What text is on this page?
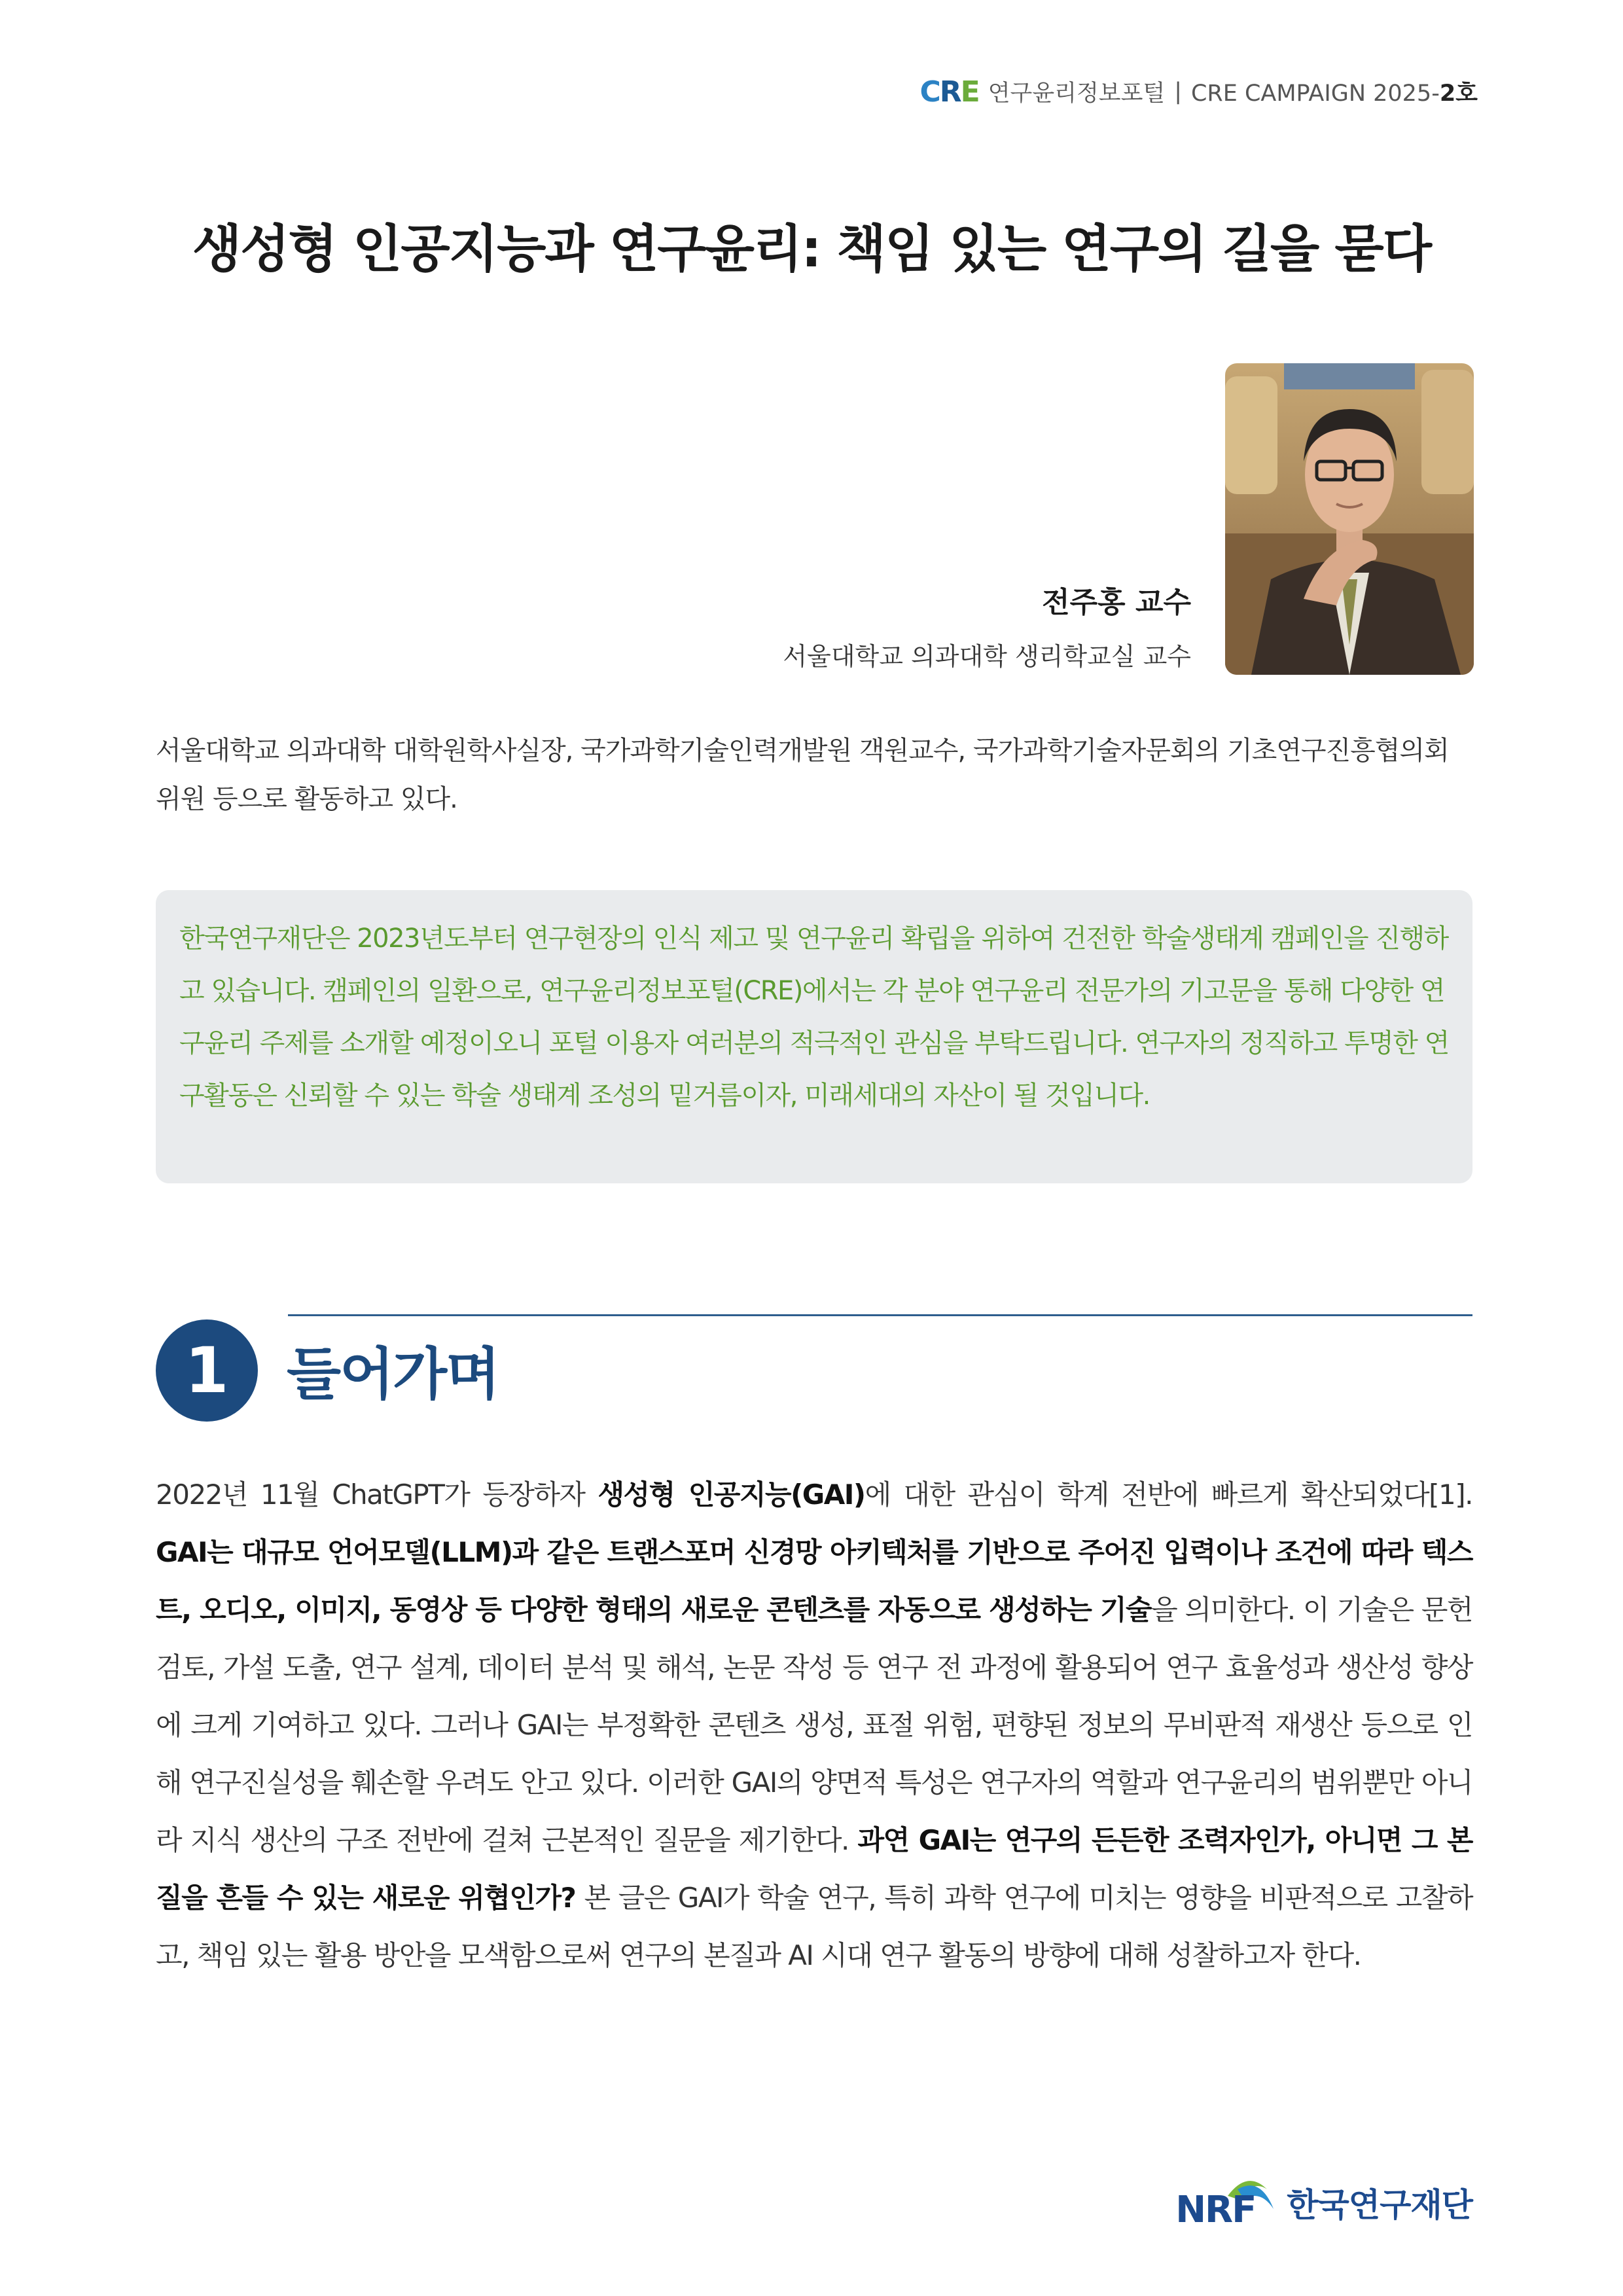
C R E 연구윤리정보포털 | CRE CAMPAIGN 2025-2호
생성형 인공지능과 연구윤리: 책임 있는 연구의 길을 묻다
전주홍 교수
서울대학교 의과대학 생리학교실 교수

서울대학교 의과대학 대학원학사실장, 국가과학기술인력개발원 객원교수, 국가과학기술자문회의 기초연구진흥협의회 위원 등으로 활동하고 있다.

한국연구재단은 2023년도부터 연구현장의 인식 제고 및 연구윤리 확립을 위하여 건전한 학술생태계 캠페인을 진행하고 있습니다. 캠페인의 일환으로, 연구윤리정보포털(CRE)에서는 각 분야 연구윤리 전문가의 기고문을 통해 다양한 연구윤리 주제를 소개할 예정이오니 포털 이용자 여러분의 적극적인 관심을 부탁드립니다. 연구자의 정직하고 투명한 연구활동은 신뢰할 수 있는 학술 생태계 조성의 밑거름이자, 미래세대의 자산이 될 것입니다.

1	들어가며

2022년 11월 ChatGPT가 등장하자 생성형 인공지능(GAI)에 대한 관심이 학계 전반에 빠르게 확산되었다[1]. GAI는 대규모 언어모델(LLM)과 같은 트랜스포머 신경망 아키텍처를 기반으로 주어진 입력이나 조건에 따라 텍스트, 오디오, 이미지, 동영상 등 다양한 형태의 새로운 콘텐츠를 자동으로 생성하는 기술을 의미한다. 이 기술은 문헌 검토, 가설 도출, 연구 설계, 데이터 분석 및 해석, 논문 작성 등 연구 전 과정에 활용되어 연구 효율성과 생산성 향상에 크게 기여하고 있다. 그러나 GAI는 부정확한 콘텐츠 생성, 표절 위험, 편향된 정보의 무비판적 재생산 등으로 인해 연구진실성을 훼손할 우려도 안고 있다. 이러한 GAI의 양면적 특성은 연구자의 역할과 연구윤리의 범위뿐만 아니라 지식 생산의 구조 전반에 걸쳐 근본적인 질문을 제기한다. 과연 GAI는 연구의 든든한 조력자인가, 아니면 그 본질을 흔들 수 있는 새로운 위협인가? 본 글은 GAI가 학술 연구, 특히 과학 연구에 미치는 영향을 비판적으로 고찰하고, 책임 있는 활용 방안을 모색함으로써 연구의 본질과 AI 시대 연구 활동의 방향에 대해 성찰하고자 한다.

NRF 한국연구재단
